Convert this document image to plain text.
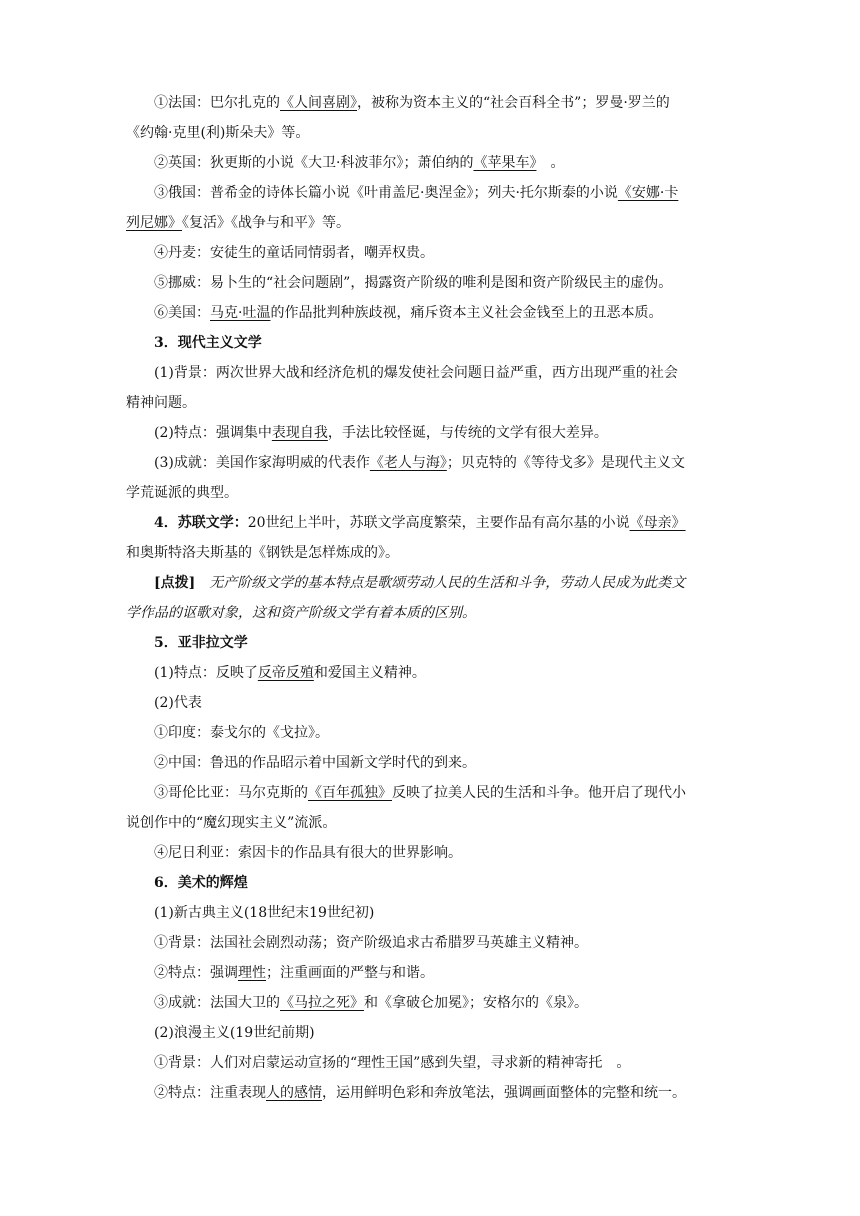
①法国：巴尔扎克的《人间喜剧》，被称为资本主义的“社会百科全书”；罗曼·罗兰的
《约翰·克里(利)斯朵夫》等。
②英国：狄更斯的小说《大卫·科波菲尔》；萧伯纳的《苹果车》　。
③俄国：普希金的诗体长篇小说《叶甫盖尼·奥涅金》；列夫·托尔斯泰的小说《安娜·卡
列尼娜》《复活》《战争与和平》等。
④丹麦：安徒生的童话同情弱者，嘲弄权贵。
⑤挪威：易卜生的“社会问题剧”，揭露资产阶级的唯利是图和资产阶级民主的虚伪。
⑥美国：马克·吐温的作品批判种族歧视，痛斥资本主义社会金钱至上的丑恶本质。
3．现代主义文学
(1)背景：两次世界大战和经济危机的爆发使社会问题日益严重，西方出现严重的社会
精神问题。
(2)特点：强调集中表现自我，手法比较怪诞，与传统的文学有很大差异。
(3)成就：美国作家海明威的代表作《老人与海》；贝克特的《等待戈多》是现代主义文
学荒诞派的典型。
4．苏联文学：20世纪上半叶，苏联文学高度繁荣，主要作品有高尔基的小说《母亲》
和奥斯特洛夫斯基的《钢铁是怎样炼成的》。
[点拨]　无产阶级文学的基本特点是歌颂劳动人民的生活和斗争，劳动人民成为此类文
学作品的讴歌对象，这和资产阶级文学有着本质的区别。
5．亚非拉文学
(1)特点：反映了反帝反殖和爱国主义精神。
(2)代表
①印度：泰戈尔的《戈拉》。
②中国：鲁迅的作品昭示着中国新文学时代的到来。
③哥伦比亚：马尔克斯的《百年孤独》反映了拉美人民的生活和斗争。他开启了现代小
说创作中的“魔幻现实主义”流派。
④尼日利亚：索因卡的作品具有很大的世界影响。
6．美术的辉煌
(1)新古典主义(18世纪末19世纪初)
①背景：法国社会剧烈动荡；资产阶级追求古希腊罗马英雄主义精神。
②特点：强调理性；注重画面的严整与和谐。
③成就：法国大卫的《马拉之死》和《拿破仑加冕》；安格尔的《泉》。
(2)浪漫主义(19世纪前期)
①背景：人们对启蒙运动宣扬的“理性王国”感到失望，寻求新的精神寄托　。
②特点：注重表现人的感情，运用鲜明色彩和奔放笔法，强调画面整体的完整和统一。
